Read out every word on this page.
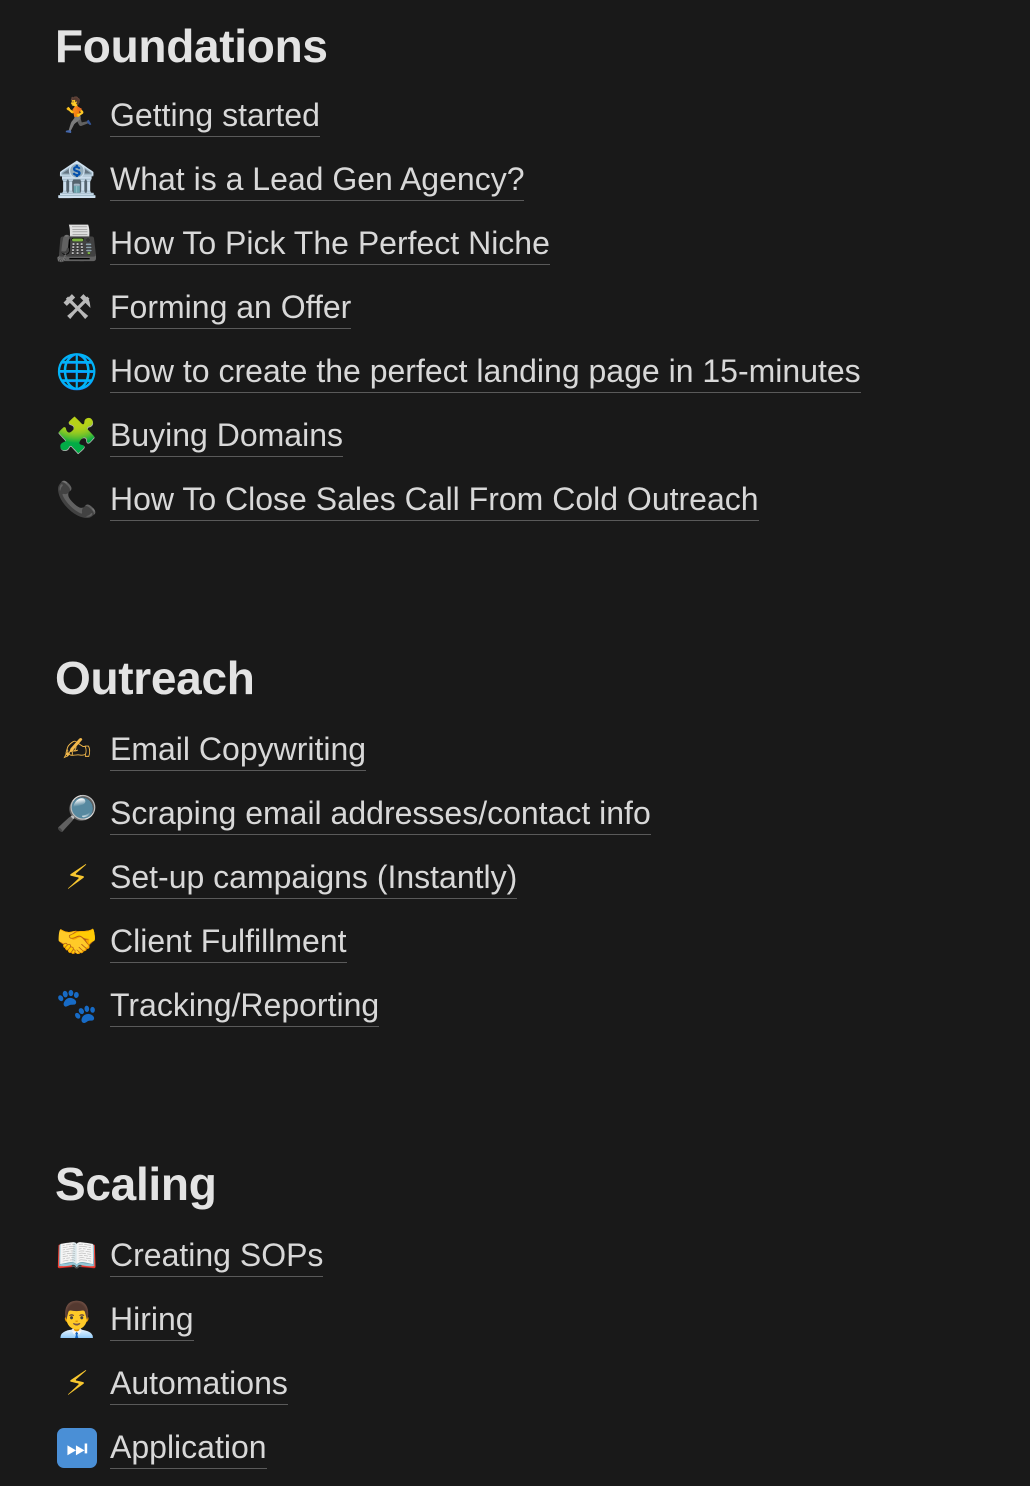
Foundations
🏃 Getting started
🏦 What is a Lead Gen Agency?
📠 How To Pick The Perfect Niche
⚒ Forming an Offer
🌐 How to create the perfect landing page in 15-minutes
🧩 Buying Domains
📞 How To Close Sales Call From Cold Outreach
Outreach
✍ Email Copywriting
🔎 Scraping email addresses/contact info
⚡ Set-up campaigns (Instantly)
🤝 Client Fulfillment
🐾 Tracking/Reporting
Scaling
📖 Creating SOPs
👨‍💼 Hiring
⚡ Automations
⏭ Application
